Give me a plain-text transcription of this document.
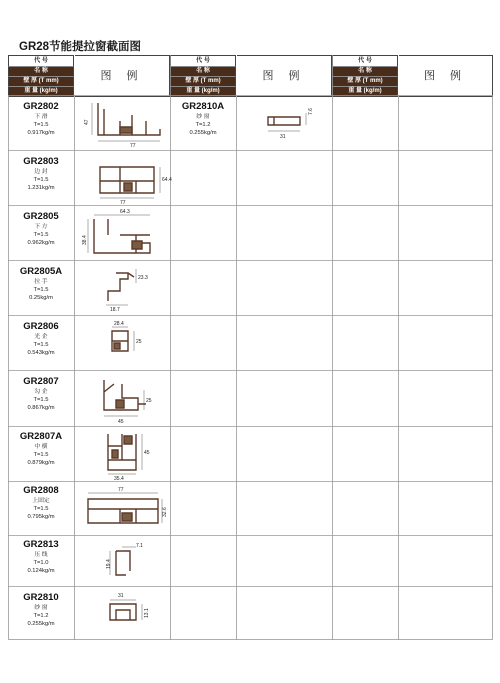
GR28节能提拉窗截面图
代 号
名 称
壁 厚 (T mm)
重 量 (kg/m)
图 例
代 号
名 称
壁 厚 (T mm)
重 量 (kg/m)
图 例
代 号
名 称
壁 厚 (T mm)
重 量 (kg/m)
图 例
GR2802
下 滑
T=1.5
0.917kg/m
47
77
GR2803
边 封
T=1.5
1.231kg/m
64.4
77
GR2805
下 方
T=1.5
0.962kg/m
64.3
38.4
GR2805A
拉 手
T=1.5
0.25kg/m
23.3
18.7
GR2806
光 企
T=1.5
0.543kg/m
28.4
25
GR2807
勾 企
T=1.5
0.867kg/m
25
45
GR2807A
中 横
T=1.5
0.879kg/m
45
35.4
GR2808
上固定
T=1.5
0.795kg/m
77
32.6
GR2813
压 线
T=1.0
0.124kg/m
7.1
19.4
GR2810
纱 窗
T=1.2
0.255kg/m
31
13.1
GR2810A
纱 窗
T=1.2
0.255kg/m
7.6
31
